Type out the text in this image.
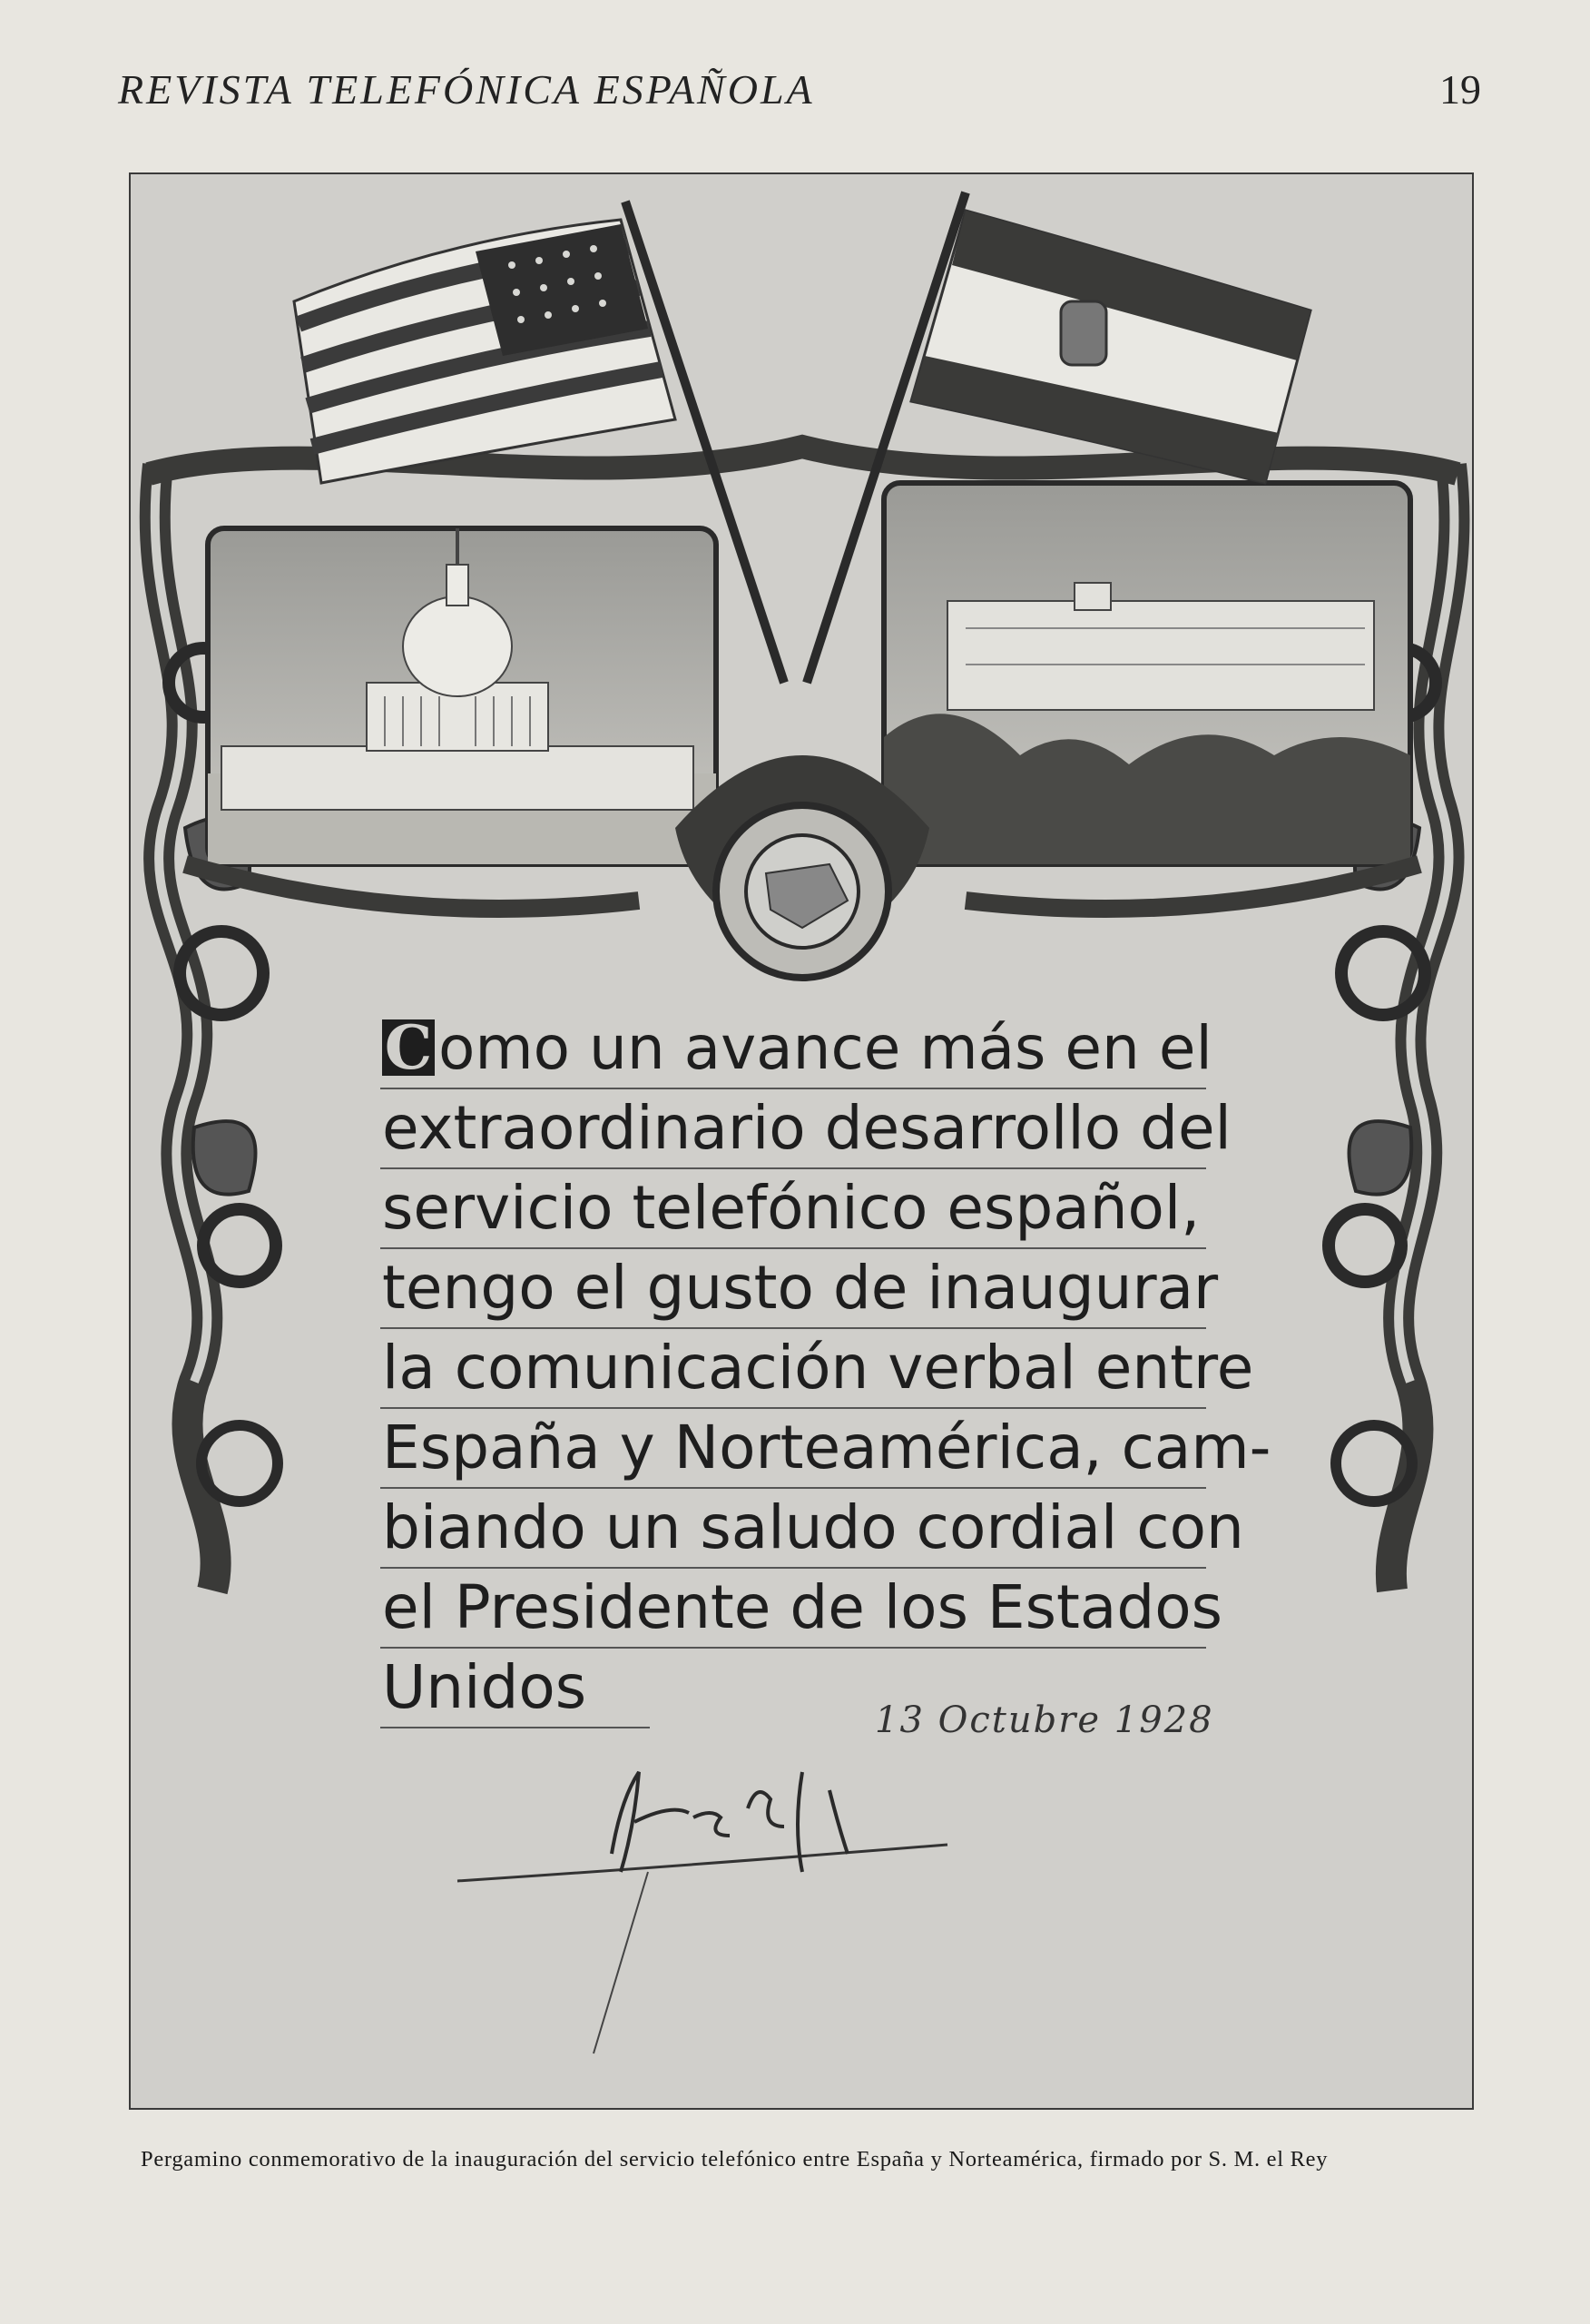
REVISTA TELEFÓNICA ESPAÑOLA	19
C omo un avance más en el
extraordinario desarrollo del
servicio telefónico español,
tengo el gusto de inaugurar
la comunicación verbal entre
España y Norteamérica, cam-
biando un saludo cordial con
el Presidente de los Estados
Unidos	13 Octubre 1928
Pergamino conmemorativo de la inauguración del servicio telefónico entre España y Norteamérica, firmado por S. M. el Rey
